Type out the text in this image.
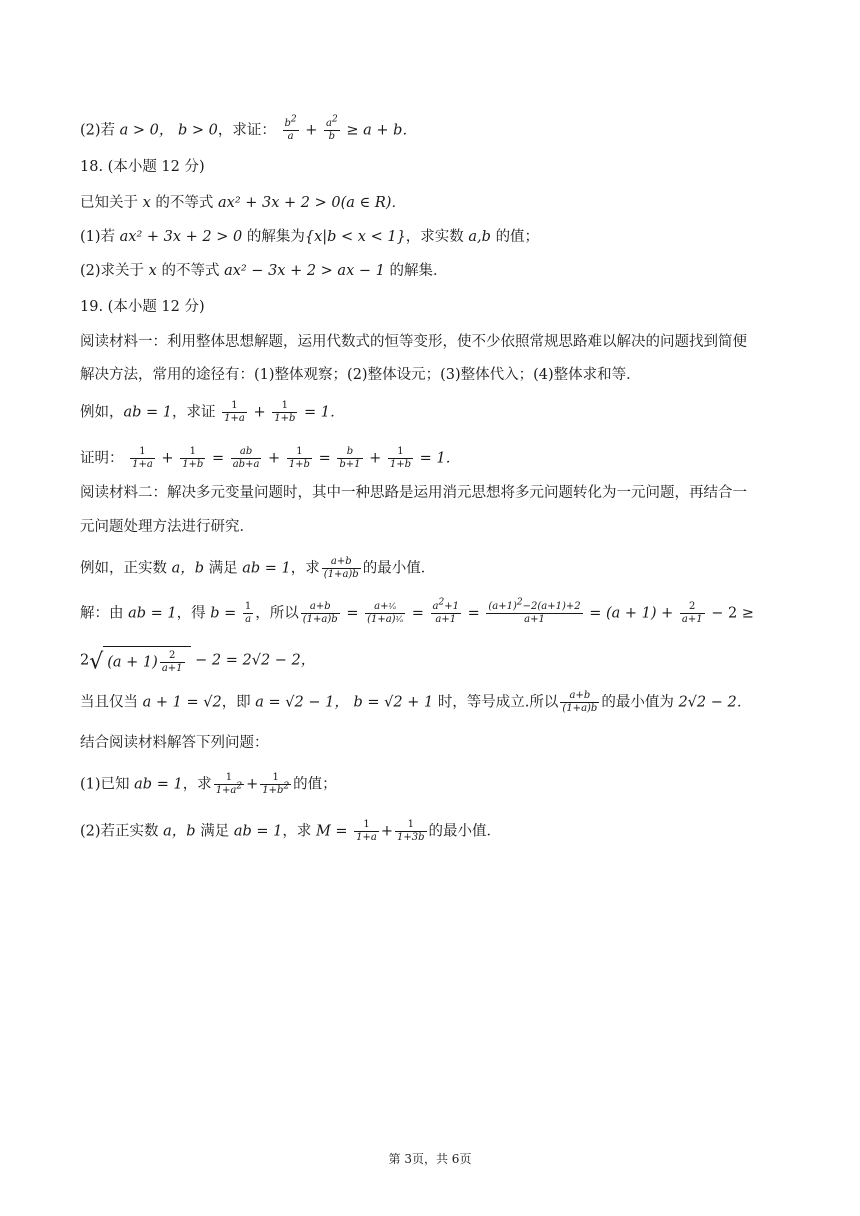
(2)若 a > 0， b > 0，求证： $\frac{b2}{a} + \frac{a2}{b} \ge a + b$．
18. (本小题 12 分)
已知关于 x 的不等式 ax² + 3x + 2 > 0(a ∈ R)．
(1)若 ax² + 3x + 2 > 0 的解集为{x|b < x < 1}，求实数 a,b 的值；
(2)求关于 x 的不等式 ax² − 3x + 2 > ax − 1 的解集．
19. (本小题 12 分)
阅读材料一：利用整体思想解题，运用代数式的恒等变形，使不少依照常规思路难以解决的问题找到简便
解决方法，常用的途径有：(1)整体观察；(2)整体设元；(3)整体代入；(4)整体求和等．
例如，ab = 1，求证 $\frac{1}{1+a} + \frac{1}{1+b} = 1$．
证明： $\frac{1}{1+a} + \frac{1}{1+b} = \frac{ab}{ab+a} + \frac{1}{1+b} = \frac{b}{b+1} + \frac{1}{1+b} = 1$．
阅读材料二：解决多元变量问题时，其中一种思路是运用消元思想将多元问题转化为一元问题，再结合一
元问题处理方法进行研究．
例如，正实数 a，b 满足 ab = 1，求 $\frac{a+b}{(1+a)b}$ 的最小值．
解：由 ab = 1，得 $b = \frac{1}{a}$ ，所以 $\frac{a+b}{(1+a)b} = \frac{\text{a+¹⁄ₐ}}{\text{(1+a)¹⁄ₐ}} = \frac{a2+1}{a+1} = \frac{(a+1)2-2(a+1)+2}{a+1} = (a + 1) + \frac{2}{a+1} - 2$ ≥
2√ $(a + 1) \frac{2}{a+1} - 2 = 2√2 - 2$，
当且仅当 a + 1 = √2，即 a = √2 − 1， b = √2 + 1 时，等号成立.所以 $\frac{a+b}{(1+a)b}$ 的最小值为 2√2 − 2．
结合阅读材料解答下列问题：
(1)已知 ab = 1，求 $\frac{1}{1+a2} + \frac{1}{1+b2}$ 的值；
(2)若正实数 a，b 满足 ab = 1，求 $M = \frac{1}{1+a} + \frac{1}{1+3b}$ 的最小值．
第 3页，共 6页
